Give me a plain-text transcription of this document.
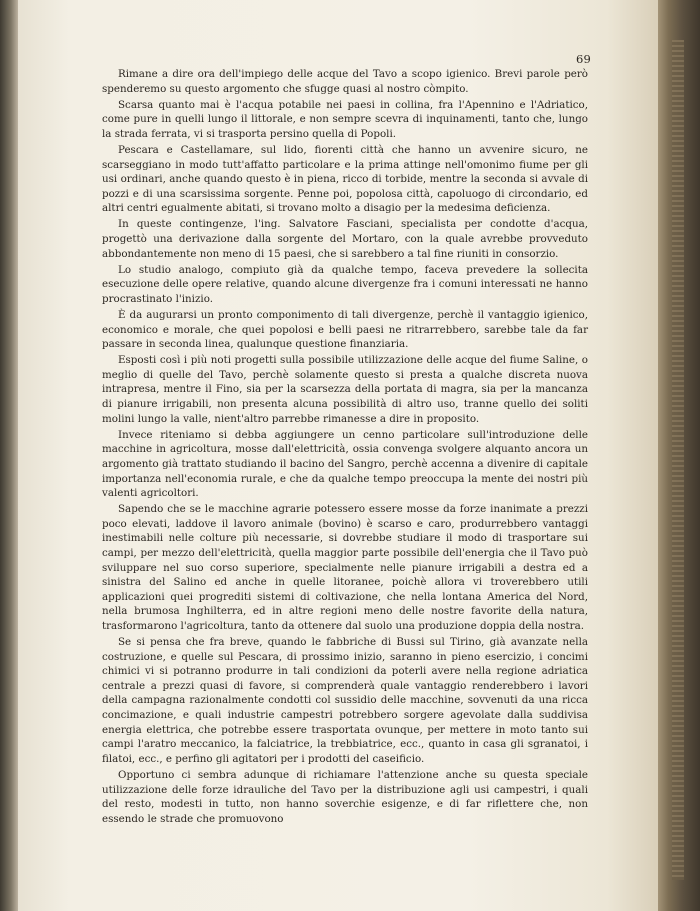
69

Rimane a dire ora dell'impiego delle acque del Tavo a scopo igienico. Brevi parole però spenderemo su questo argomento che sfugge quasi al nostro còmpito.

Scarsa quanto mai è l'acqua potabile nei paesi in collina, fra l'Apennino e l'Adriatico, come pure in quelli lungo il littorale, e non sempre scevra di inquinamenti, tanto che, lungo la strada ferrata, vi si trasporta persino quella di Popoli.

Pescara e Castellamare, sul lido, fiorenti città che hanno un avvenire sicuro, ne scarseggiano in modo tutt'affatto particolare e la prima attinge nell'omonimo fiume per gli usi ordinari, anche quando questo è in piena, ricco di torbide, mentre la seconda si avvale di pozzi e di una scarsissima sorgente. Penne poi, popolosa città, capoluogo di circondario, ed altri centri egualmente abitati, si trovano molto a disagio per la medesima deficienza.

In queste contingenze, l'ing. Salvatore Fasciani, specialista per condotte d'acqua, progettò una derivazione dalla sorgente del Mortaro, con la quale avrebbe provveduto abbondantemente non meno di 15 paesi, che si sarebbero a tal fine riuniti in consorzio.

Lo studio analogo, compiuto già da qualche tempo, faceva prevedere la sollecita esecuzione delle opere relative, quando alcune divergenze fra i comuni interessati ne hanno procrastinato l'inizio.

È da augurarsi un pronto componimento di tali divergenze, perchè il vantaggio igienico, economico e morale, che quei popolosi e belli paesi ne ritrarrebbero, sarebbe tale da far passare in seconda linea, qualunque questione finanziaria.

Esposti così i più noti progetti sulla possibile utilizzazione delle acque del fiume Saline, o meglio di quelle del Tavo, perchè solamente questo si presta a qualche discreta nuova intrapresa, mentre il Fino, sia per la scarsezza della portata di magra, sia per la mancanza di pianure irrigabili, non presenta alcuna possibilità di altro uso, tranne quello dei soliti molini lungo la valle, nient'altro parrebbe rimanesse a dire in proposito.

Invece riteniamo si debba aggiungere un cenno particolare sull'introduzione delle macchine in agricoltura, mosse dall'elettricità, ossia convenga svolgere alquanto ancora un argomento già trattato studiando il bacino del Sangro, perchè accenna a divenire di capitale importanza nell'economia rurale, e che da qualche tempo preoccupa la mente dei nostri più valenti agricoltori.

Sapendo che se le macchine agrarie potessero essere mosse da forze inanimate a prezzi poco elevati, laddove il lavoro animale (bovino) è scarso e caro, produrrebbero vantaggi inestimabili nelle colture più necessarie, si dovrebbe studiare il modo di trasportare sui campi, per mezzo dell'elettricità, quella maggior parte possibile dell'energia che il Tavo può sviluppare nel suo corso superiore, specialmente nelle pianure irrigabili a destra ed a sinistra del Salino ed anche in quelle litoranee, poichè allora vi troverebbero utili applicazioni quei progrediti sistemi di coltivazione, che nella lontana America del Nord, nella brumosa Inghilterra, ed in altre regioni meno delle nostre favorite della natura, trasformarono l'agricoltura, tanto da ottenere dal suolo una produzione doppia della nostra.

Se si pensa che fra breve, quando le fabbriche di Bussi sul Tirino, già avanzate nella costruzione, e quelle sul Pescara, di prossimo inizio, saranno in pieno esercizio, i concimi chimici vi si potranno produrre in tali condizioni da poterli avere nella regione adriatica centrale a prezzi quasi di favore, si comprenderà quale vantaggio renderebbero i lavori della campagna razionalmente condotti col sussidio delle macchine, sovvenuti da una ricca concimazione, e quali industrie campestri potrebbero sorgere agevolate dalla suddivisa energia elettrica, che potrebbe essere trasportata ovunque, per mettere in moto tanto sui campi l'aratro meccanico, la falciatrice, la trebbiatrice, ecc., quanto in casa gli sgranatoi, i filatoi, ecc., e perfino gli agitatori per i prodotti del caseificio.

Opportuno ci sembra adunque di richiamare l'attenzione anche su questa speciale utilizzazione delle forze idrauliche del Tavo per la distribuzione agli usi campestri, i quali del resto, modesti in tutto, non hanno soverchie esigenze, e di far riflettere che, non essendo le strade che promuovono
